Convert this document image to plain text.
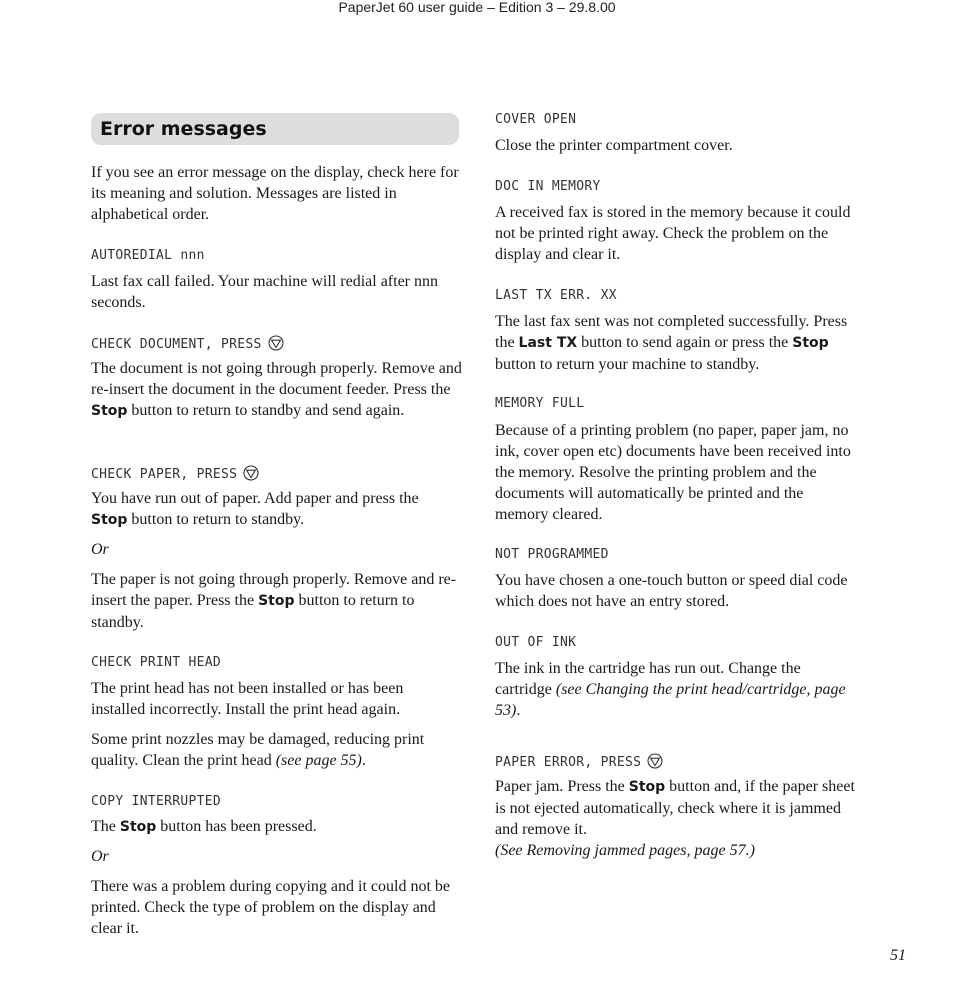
PaperJet 60 user guide – Edition 3 – 29.8.00
Error messages
If you see an error message on the display, check here for its meaning and solution. Messages are listed in alphabetical order.
AUTOREDIAL nnn
Last fax call failed. Your machine will redial after nnn seconds.
CHECK DOCUMENT, PRESS
The document is not going through properly. Remove and re-insert the document in the document feeder. Press the Stop button to return to standby and send again.
CHECK PAPER, PRESS
You have run out of paper. Add paper and press the Stop button to return to standby.
Or
The paper is not going through properly. Remove and re-insert the paper. Press the Stop button to return to standby.
CHECK PRINT HEAD
The print head has not been installed or has been installed incorrectly. Install the print head again.
Some print nozzles may be damaged, reducing print quality. Clean the print head (see page 55).
COPY INTERRUPTED
The Stop button has been pressed.
Or
There was a problem during copying and it could not be printed. Check the type of problem on the display and clear it.
COVER OPEN
Close the printer compartment cover.
DOC IN MEMORY
A received fax is stored in the memory because it could not be printed right away. Check the problem on the display and clear it.
LAST TX ERR. XX
The last fax sent was not completed successfully. Press the Last TX button to send again or press the Stop button to return your machine to standby.
MEMORY FULL
Because of a printing problem (no paper, paper jam, no ink, cover open etc) documents have been received into the memory. Resolve the printing problem and the documents will automatically be printed and the memory cleared.
NOT PROGRAMMED
You have chosen a one-touch button or speed dial code which does not have an entry stored.
OUT OF INK
The ink in the cartridge has run out. Change the cartridge (see Changing the print head/cartridge, page 53).
PAPER ERROR, PRESS
Paper jam. Press the Stop button and, if the paper sheet is not ejected automatically, check where it is jammed and remove it.
(See Removing jammed pages, page 57.)
51
